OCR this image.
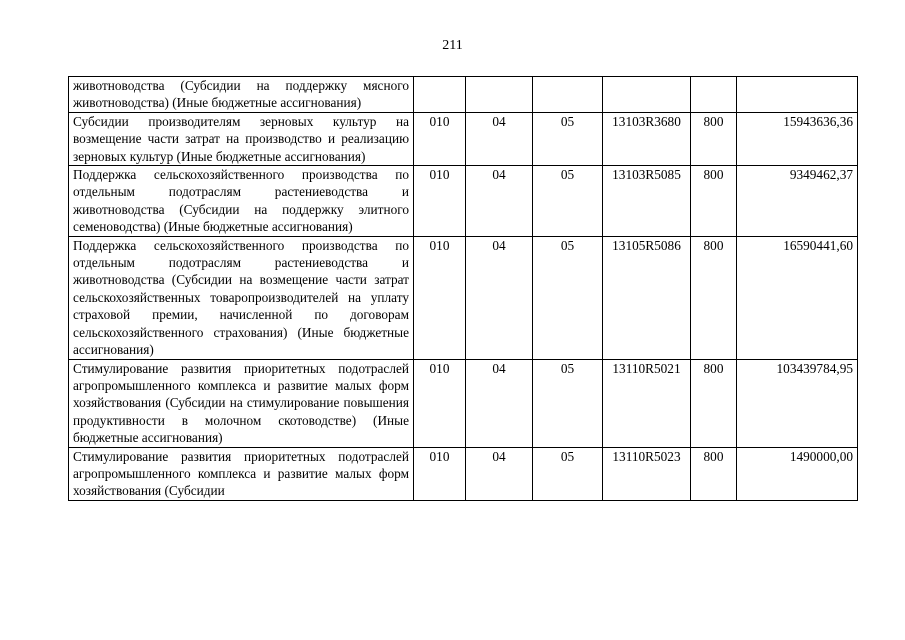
211
животноводства (Субсидии на поддержку мясного животноводства) (Иные бюджетные ассигнования)						
Субсидии производителям зерновых культур на возмещение части затрат на производство и реализацию зерновых культур (Иные бюджетные ассигнования)	010	04	05	13103R3680	800	15943636,36
Поддержка сельскохозяйственного производства по отдельным подотраслям растениеводства и животноводства (Субсидии на поддержку элитного семеноводства) (Иные бюджетные ассигнования)	010	04	05	13103R5085	800	9349462,37
Поддержка сельскохозяйственного производства по отдельным подотраслям растениеводства и животноводства (Субсидии на возмещение части затрат сельскохозяйственных товаропроизводителей на уплату страховой премии, начисленной по договорам сельскохозяйственного страхования) (Иные бюджетные ассигнования)	010	04	05	13105R5086	800	16590441,60
Стимулирование развития приоритетных подотраслей агропромышленного комплекса и развитие малых форм хозяйствования (Субсидии на стимулирование повышения продуктивности в молочном скотоводстве) (Иные бюджетные ассигнования)	010	04	05	13110R5021	800	103439784,95
Стимулирование развития приоритетных подотраслей агропромышленного комплекса и развитие малых форм хозяйствования (Субсидии	010	04	05	13110R5023	800	1490000,00
